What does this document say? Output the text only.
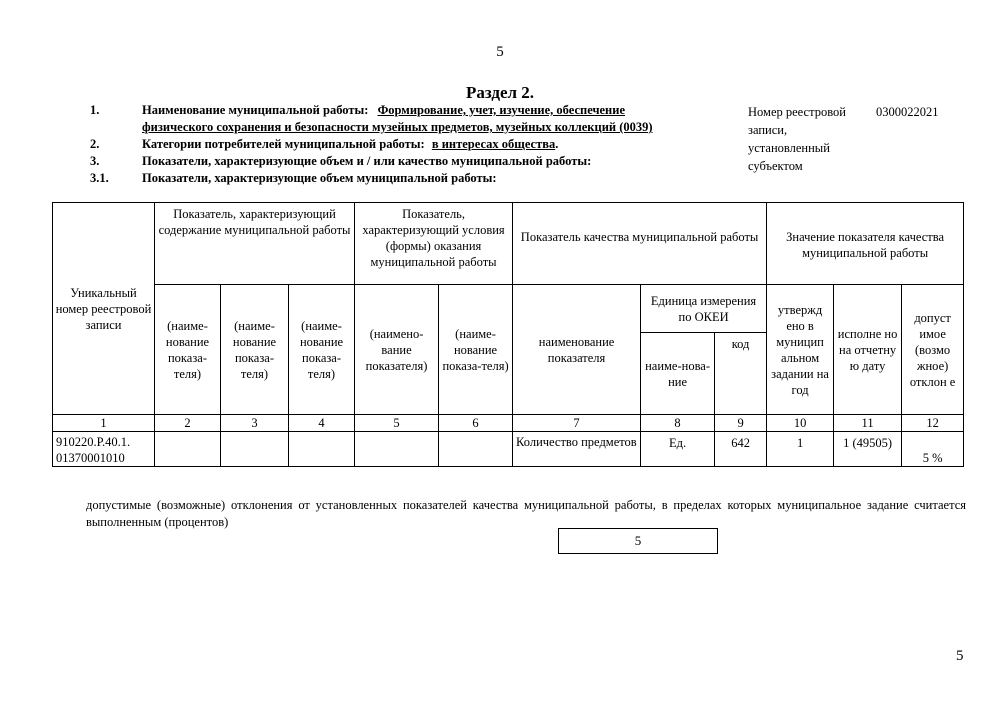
5
Раздел 2.
1.	Наименование муниципальной работы: Формирование, учет, изучение, обеспечение
физического сохранения и безопасности музейных предметов, музейных коллекций (0039)
2.	Категории потребителей муниципальной работы: в интересах общества.
3.	Показатели, характеризующие объем и / или качество муниципальной работы:
3.1.	Показатели, характеризующие объем муниципальной работы:
Номер реестровой
записи,
установленный
субъектом
0300022021
Уникальный номер реестровой записи	Показатель, характеризующий содержание муниципальной работы			Показатель, характеризующий условия (формы) оказания муниципальной работы		Показатель качества муниципальной работы			Значение показателя качества муниципальной работы		
	(наиме-нование показа-теля)	(наиме-нование показа-теля)	(наиме-нование показа-теля)	(наимено-вание показателя)	(наиме-нование показа-теля)	наименование показателя	Единица измерения по ОКЕИ		утвержд ено в муницип альном задании на год	исполне но на отчетну ю дату	допуст имое (возмо жное) отклон е
							наиме-нова-ние	код			
1	2	3	4	5	6	7	8	9	10	11	12
910220.Р.40.1. 01370001010						Количество предметов	Ед.	642	1	1 (49505)	5 %
допустимые (возможные) отклонения от установленных показателей качества муниципальной работы, в пределах которых муниципальное задание считается выполненным (процентов)
5
5
